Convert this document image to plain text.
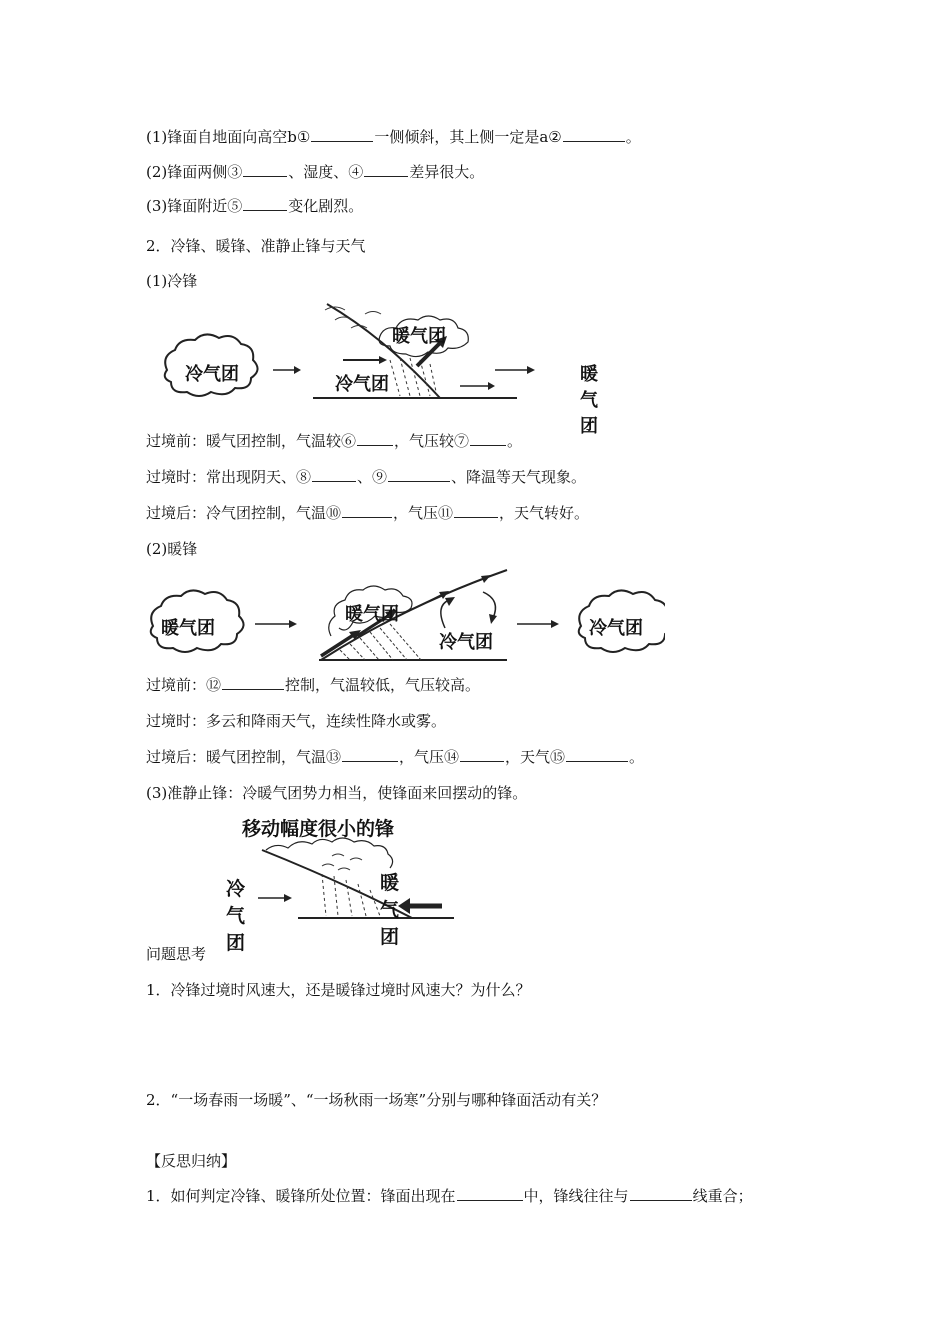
(1)锋面自地面向高空b①	一侧倾斜，其上侧一定是a②	。
(2)锋面两侧③	、湿度、④	差异很大。
(3)锋面附近⑤	变化剧烈。
2．冷锋、暖锋、准静止锋与天气
(1)冷锋
冷气团	冷气团
暖气团
暖气团
过境前：暖气团控制，气温较⑥	，气压较⑦	。
过境时：常出现阴天、⑧	、⑨	、降温等天气现象。
过境后：冷气团控制，气温⑩	，气压⑪	，天气转好。
(2)暖锋
暖气团
暖气团
冷气团
冷气团
过境前：⑫	控制，气温较低，气压较高。
过境时：多云和降雨天气，连续性降水或雾。
过境后：暖气团控制，气温⑬	，气压⑭	，天气⑮	。
(3)准静止锋：冷暖气团势力相当，使锋面来回摆动的锋。
移动幅度很小的锋
冷气团
暖气团
问题思考
1．冷锋过境时风速大，还是暖锋过境时风速大？为什么？
2．“一场春雨一场暖”、“一场秋雨一场寒”分别与哪种锋面活动有关？
【反思归纳】
1．如何判定冷锋、暖锋所处位置：锋面出现在	中，锋线往往与	线重合；
